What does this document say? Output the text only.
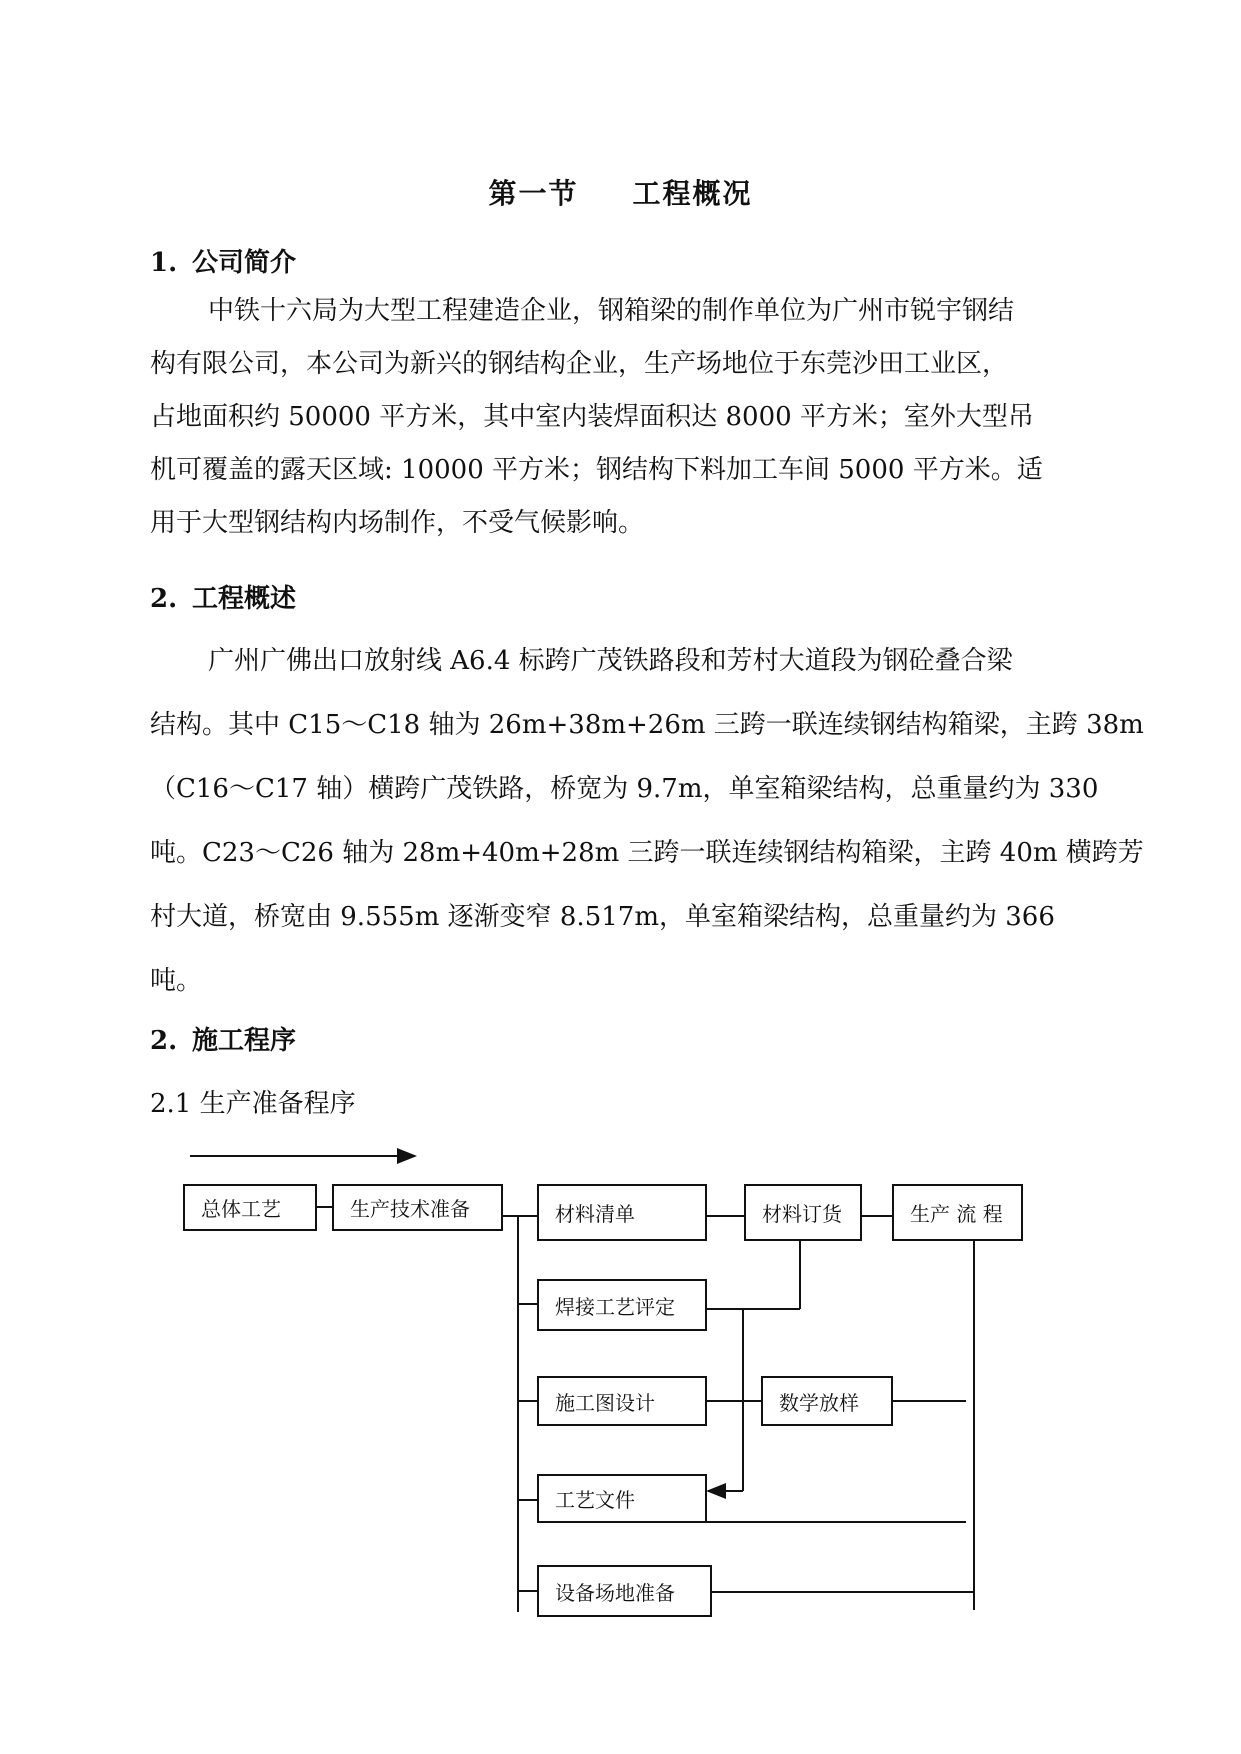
第一节 工程概况
1. 公司简介

中铁十六局为大型工程建造企业，钢箱梁的制作单位为广州市锐宇钢结

构有限公司，本公司为新兴的钢结构企业，生产场地位于东莞沙田工业区，

占地面积约 50000 平方米，其中室内装焊面积达 8000 平方米；室外大型吊

机可覆盖的露天区域: 10000 平方米；钢结构下料加工车间 5000 平方米。适

用于大型钢结构内场制作，不受气候影响。

2. 工程概述

广州广佛出口放射线 A6.4 标跨广茂铁路段和芳村大道段为钢砼叠合梁

结构。其中 C15～C18 轴为 26m+38m+26m 三跨一联连续钢结构箱梁，主跨 38m

（C16～C17 轴）横跨广茂铁路，桥宽为 9.7m，单室箱梁结构，总重量约为 330

吨。C23～C26 轴为 28m+40m+28m 三跨一联连续钢结构箱梁，主跨 40m 横跨芳

村大道，桥宽由 9.555m 逐渐变窄 8.517m，单室箱梁结构，总重量约为 366

吨。

2. 施工程序
2.1 生产准备程序
总体工艺	生产技术准备	材料清单	材料订货	生产 流 程
焊接工艺评定
施工图设计	数学放样
工艺文件
设备场地准备
